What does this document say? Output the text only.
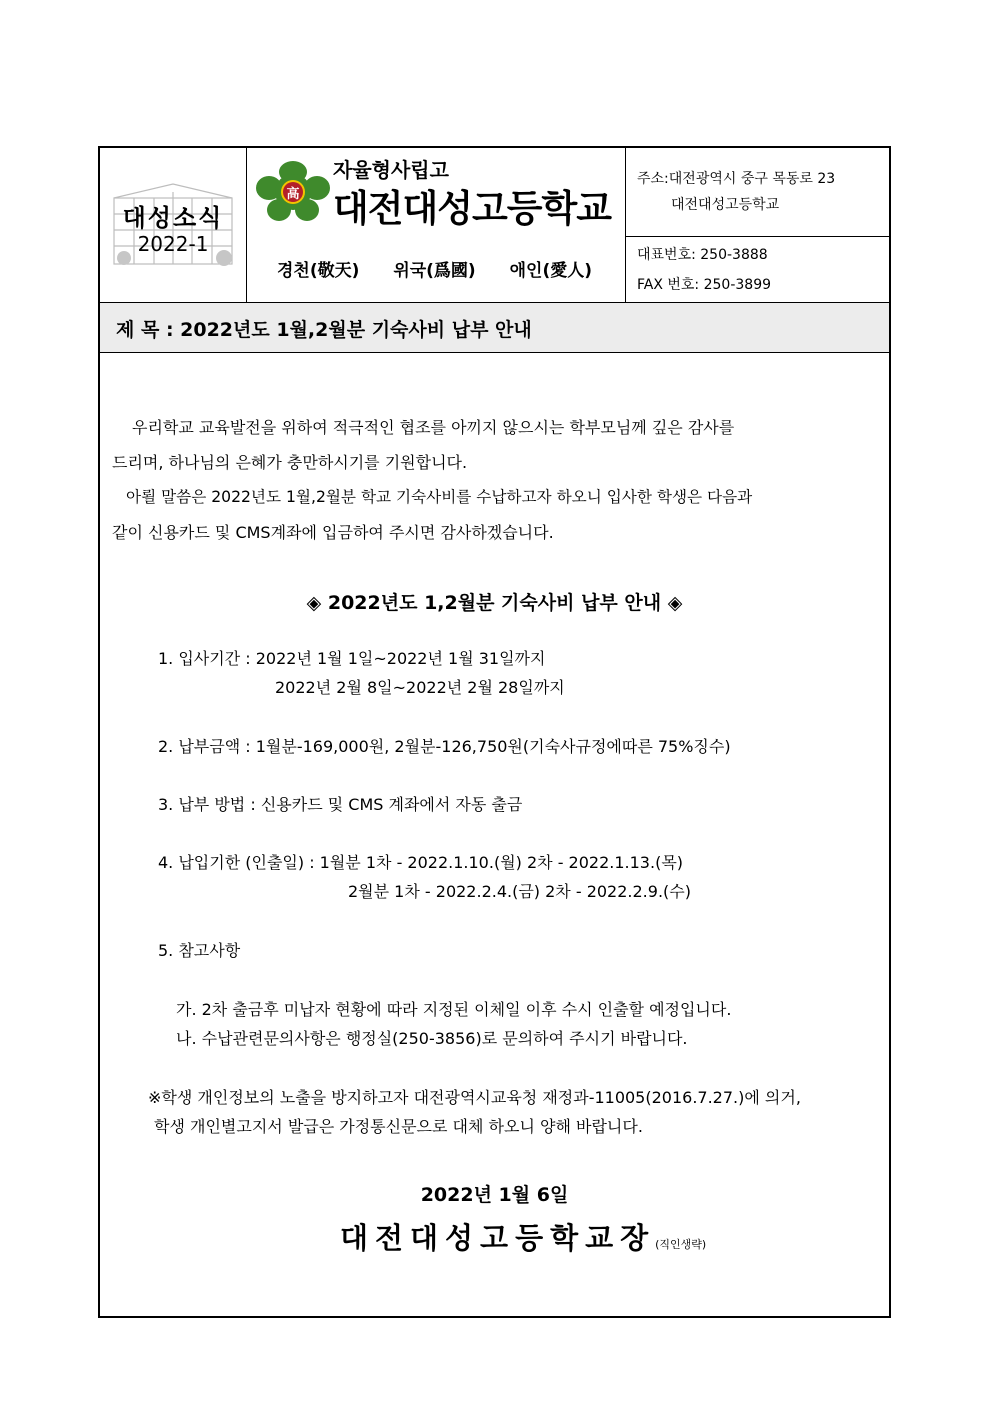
대성소식
2022-1
高
자율형사립고
대전대성고등학교
경천(敬天) 위국(爲國) 애인(愛人)
주소:대전광역시 중구 목동로 23
대전대성고등학교
대표번호: 250-3888
FAX 번호: 250-3899
제 목 : 2022년도 1월,2월분 기숙사비 납부 안내
우리학교 교육발전을 위하여 적극적인 협조를 아끼지 않으시는 학부모님께 깊은 감사를
드리며, 하나님의 은혜가 충만하시기를 기원합니다.
아뢸 말씀은 2022년도 1월,2월분 학교 기숙사비를 수납하고자 하오니 입사한 학생은 다음과
같이 신용카드 및 CMS계좌에 입금하여 주시면 감사하겠습니다.
◈ 2022년도 1,2월분 기숙사비 납부 안내 ◈
1. 입사기간 : 2022년 1월 1일~2022년 1월 31일까지
2022년 2월 8일~2022년 2월 28일까지
2. 납부금액 : 1월분-169,000원, 2월분-126,750원(기숙사규정에따른 75%징수)
3. 납부 방법 : 신용카드 및 CMS 계좌에서 자동 출금
4. 납입기한 (인출일) : 1월분 1차 - 2022.1.10.(월) 2차 - 2022.1.13.(목)
2월분 1차 - 2022.2.4.(금) 2차 - 2022.2.9.(수)
5. 참고사항
가. 2차 출금후 미납자 현황에 따라 지정된 이체일 이후 수시 인출할 예정입니다.
나. 수납관련문의사항은 행정실(250-3856)로 문의하여 주시기 바랍니다.
※학생 개인정보의 노출을 방지하고자 대전광역시교육청 재정과-11005(2016.7.27.)에 의거,
학생 개인별고지서 발급은 가정통신문으로 대체 하오니 양해 바랍니다.
2022년 1월 6일
대전대성고등학교장(직인생략)
